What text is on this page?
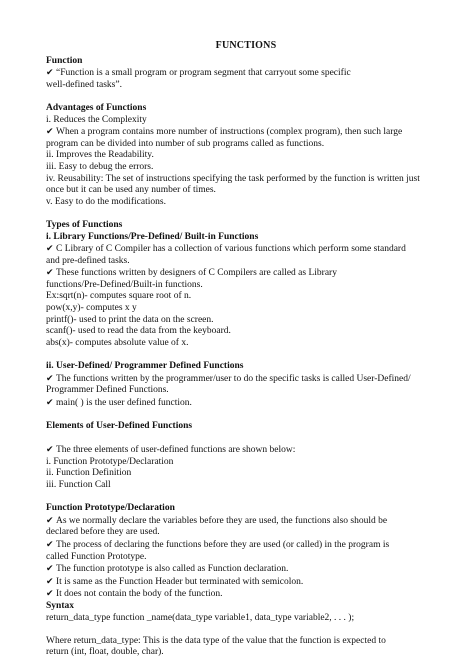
FUNCTIONS
Function
✔ “Function is a small program or program segment that carryout some specific
well-defined tasks”.
Advantages of Functions
i. Reduces the Complexity
✔ When a program contains more number of instructions (complex program), then such large
program can be divided into number of sub programs called as functions.
ii. Improves the Readability.
iii. Easy to debug the errors.
iv. Reusability: The set of instructions specifying the task performed by the function is written just
once but it can be used any number of times.
v. Easy to do the modifications.
Types of Functions
i. Library Functions/Pre-Defined/ Built-in Functions
✔ C Library of C Compiler has a collection of various functions which perform some standard
and pre-defined tasks.
✔ These functions written by designers of C Compilers are called as Library
functions/Pre-Defined/Built-in functions.
Ex:sqrt(n)- computes square root of n.
pow(x,y)- computes x y
printf()- used to print the data on the screen.
scanf()- used to read the data from the keyboard.
abs(x)- computes absolute value of x.
ii. User-Defined/ Programmer Defined Functions
✔ The functions written by the programmer/user to do the specific tasks is called User-Defined/
Programmer Defined Functions.
✔ main( ) is the user defined function.
Elements of User-Defined Functions
✔ The three elements of user-defined functions are shown below:
i. Function Prototype/Declaration
ii. Function Definition
iii. Function Call
Function Prototype/Declaration
✔ As we normally declare the variables before they are used, the functions also should be
declared before they are used.
✔ The process of declaring the functions before they are used (or called) in the program is
called Function Prototype.
✔ The function prototype is also called as Function declaration.
✔ It is same as the Function Header but terminated with semicolon.
✔ It does not contain the body of the function.
Syntax
return_data_type function _name(data_type variable1, data_type variable2, . . . );
Where return_data_type: This is the data type of the value that the function is expected to
return (int, float, double, char).
